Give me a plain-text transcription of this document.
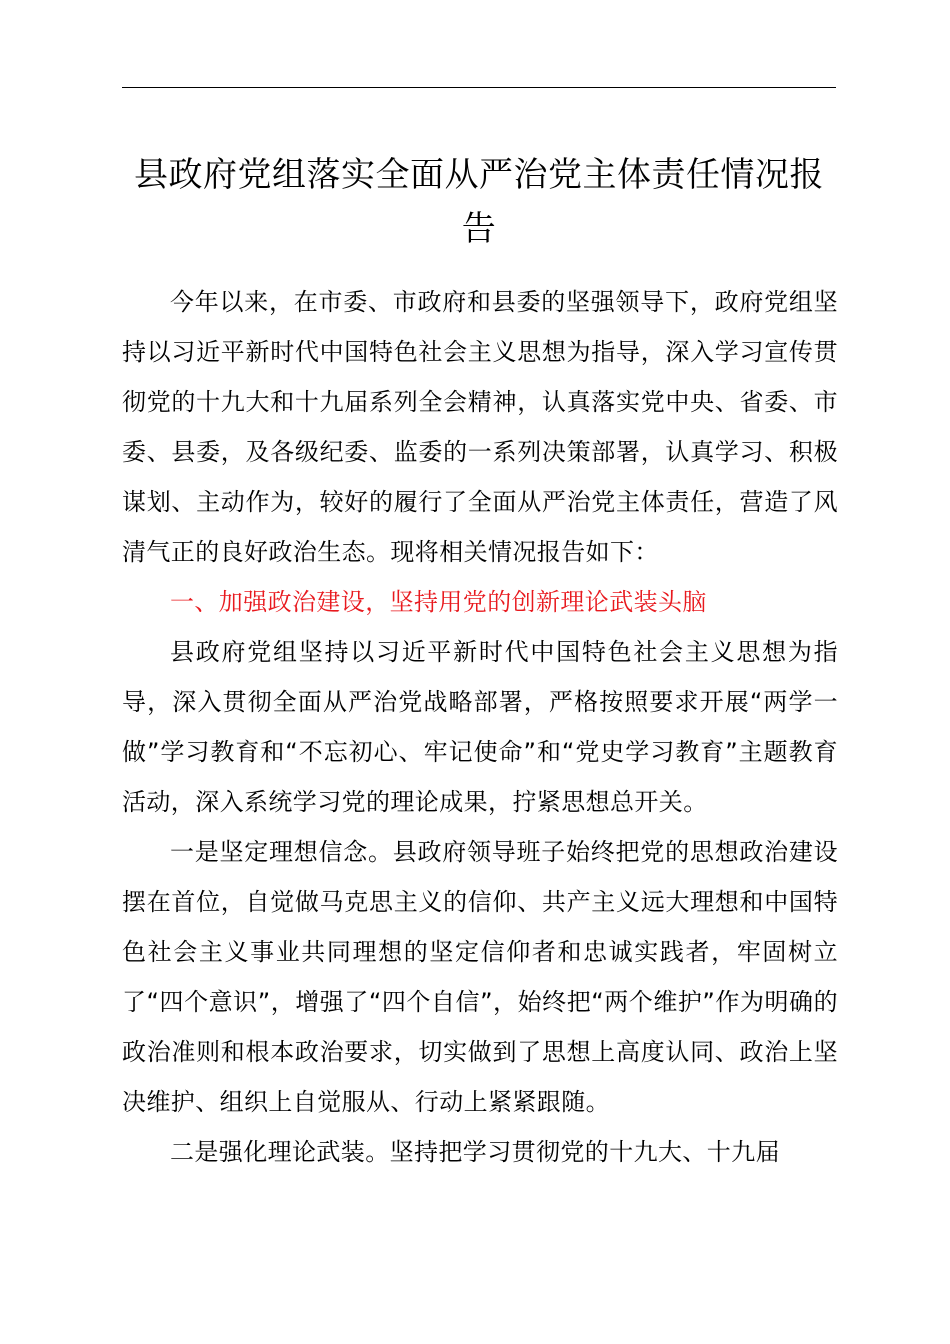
县政府党组落实全面从严治党主体责任情况报告

今年以来，在市委、市政府和县委的坚强领导下，政府党组坚持以习近平新时代中国特色社会主义思想为指导，深入学习宣传贯彻党的十九大和十九届系列全会精神，认真落实党中央、省委、市委、县委，及各级纪委、监委的一系列决策部署，认真学习、积极谋划、主动作为，较好的履行了全面从严治党主体责任，营造了风清气正的良好政治生态。现将相关情况报告如下：

一、加强政治建设，坚持用党的创新理论武装头脑

县政府党组坚持以习近平新时代中国特色社会主义思想为指导，深入贯彻全面从严治党战略部署，严格按照要求开展“两学一做”学习教育和“不忘初心、牢记使命”和“党史学习教育”主题教育活动，深入系统学习党的理论成果，拧紧思想总开关。

一是坚定理想信念。县政府领导班子始终把党的思想政治建设摆在首位，自觉做马克思主义的信仰、共产主义远大理想和中国特色社会主义事业共同理想的坚定信仰者和忠诚实践者，牢固树立了“四个意识”，增强了“四个自信”，始终把“两个维护”作为明确的政治准则和根本政治要求，切实做到了思想上高度认同、政治上坚决维护、组织上自觉服从、行动上紧紧跟随。

二是强化理论武装。坚持把学习贯彻党的十九大、十九届
